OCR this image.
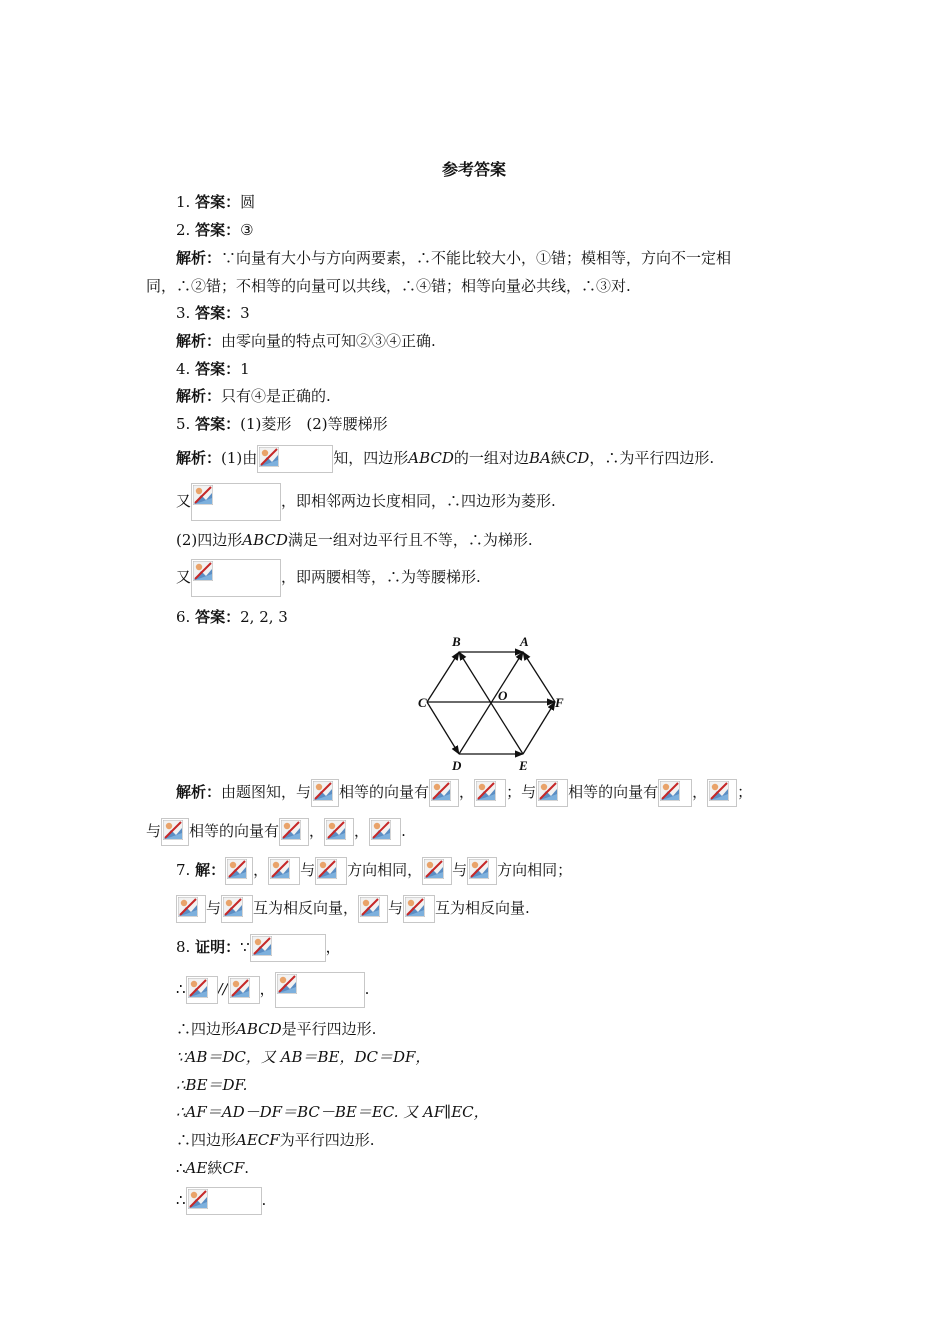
参考答案
1. 答案：圆
2. 答案：③
解析：∵向量有大小与方向两要素，∴不能比较大小，①错；模相等，方向不一定相
同，∴②错；不相等的向量可以共线，∴④错；相等向量必共线，∴③对.
3. 答案：3
解析：由零向量的特点可知②③④正确.
4. 答案：1
解析：只有④是正确的.
5. 答案：(1)菱形　(2)等腰梯形
解析：(1)由	知，四边形ABCD的一组对边BA綊CD，∴为平行四边形.
又	，即相邻两边长度相同，∴四边形为菱形.
(2)四边形ABCD满足一组对边平行且不等，∴为梯形.
又	，即两腰相等，∴为等腰梯形.
6. 答案：2, 2, 3
B	A
C	F
O
D	E
解析：由题图知，与 相等的向量有 ， ；与 相等的向量有 ， ；
与 相等的向量有 ， ， .
7. 解： ， 与 方向相同， 与 方向相同；
与 互为相反向量， 与 互为相反向量.
8. 证明：∵	，
∴ // ，	.
∴四边形ABCD是平行四边形.
∵AB＝DC，又 AB＝BE，DC＝DF，
∴BE＝DF.
∴AF＝AD－DF＝BC－BE＝EC. 又 AF∥EC，
∴四边形AECF为平行四边形.
∴AE綊CF.
∴	.
